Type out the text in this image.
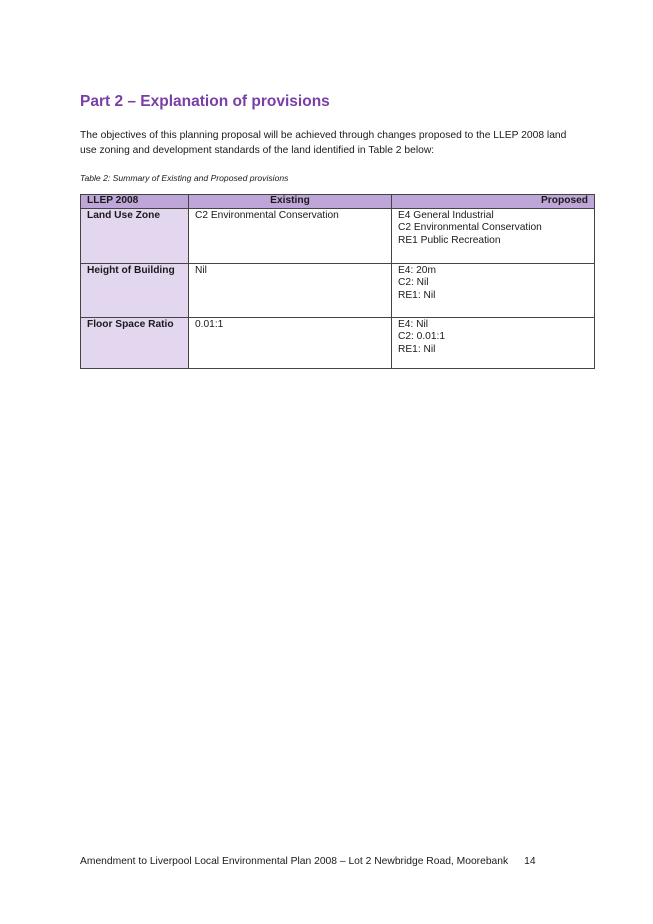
Part 2 – Explanation of provisions

The objectives of this planning proposal will be achieved through changes proposed to the LLEP 2008 land use zoning and development standards of the land identified in Table 2 below:

Table 2: Summary of Existing and Proposed provisions

LLEP 2008	Existing	Proposed
Land Use Zone	C2 Environmental Conservation	E4 General Industrial
C2 Environmental Conservation
RE1 Public Recreation

Height of Building	Nil	E4: 20m
C2: Nil
RE1: Nil

Floor Space Ratio	0.01:1	E4: Nil
C2: 0.01:1
RE1: Nil
Amendment to Liverpool Local Environmental Plan 2008 – Lot 2 Newbridge Road, Moorebank 14
